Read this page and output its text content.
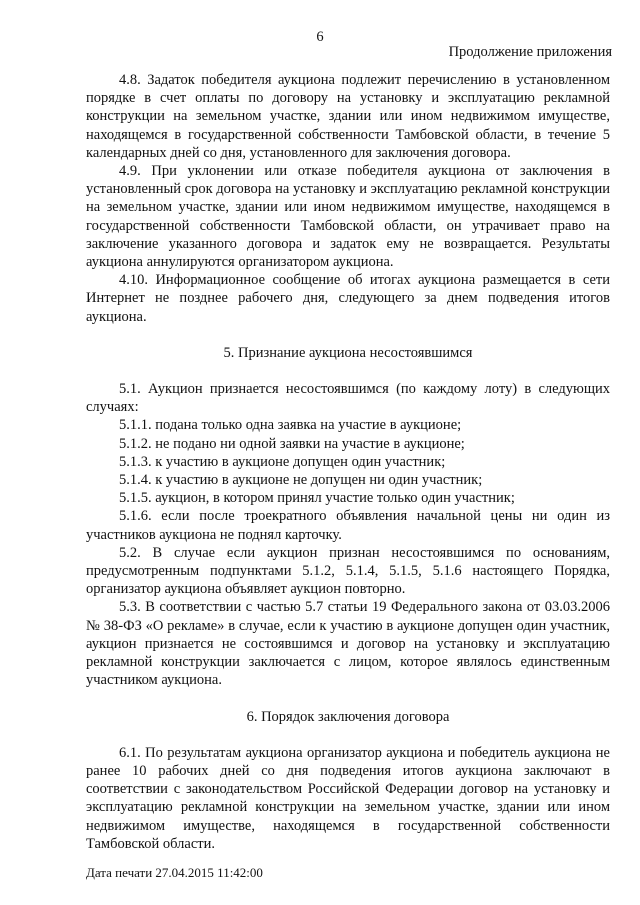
6
Продолжение приложения

4.8. Задаток победителя аукциона подлежит перечислению в установленном порядке в счет оплаты по договору на установку и эксплуатацию рекламной конструкции на земельном участке, здании или ином недвижимом имуществе, находящемся в государственной собственности Тамбовской области, в течение 5 календарных дней со дня, установленного для заключения договора.

4.9. При уклонении или отказе победителя аукциона от заключения в установленный срок договора на установку и эксплуатацию рекламной конструкции на земельном участке, здании или ином недвижимом имуществе, находящемся в государственной собственности Тамбовской области, он утрачивает право на заключение указанного договора и задаток ему не возвращается. Результаты аукциона аннулируются организатором аукциона.

4.10. Информационное сообщение об итогах аукциона размещается в сети Интернет не позднее рабочего дня, следующего за днем подведения итогов аукциона.

5. Признание аукциона несостоявшимся

5.1. Аукцион признается несостоявшимся (по каждому лоту) в следующих случаях:

5.1.1. подана только одна заявка на участие в аукционе;

5.1.2. не подано ни одной заявки на участие в аукционе;

5.1.3. к участию в аукционе допущен один участник;

5.1.4. к участию в аукционе не допущен ни один участник;

5.1.5. аукцион, в котором принял участие только один участник;

5.1.6. если после троекратного объявления начальной цены ни один из участников аукциона не поднял карточку.

5.2. В случае если аукцион признан несостоявшимся по основаниям, предусмотренным подпунктами 5.1.2, 5.1.4, 5.1.5, 5.1.6 настоящего Порядка, организатор аукциона объявляет аукцион повторно.

5.3. В соответствии с частью 5.7 статьи 19 Федерального закона от 03.03.2006 № 38-ФЗ «О рекламе» в случае, если к участию в аукционе допущен один участник, аукцион признается не состоявшимся и договор на установку и эксплуатацию рекламной конструкции заключается с лицом, которое являлось единственным участником аукциона.

6. Порядок заключения договора

6.1. По результатам аукциона организатор аукциона и победитель аукциона не ранее 10 рабочих дней со дня подведения итогов аукциона заключают в соответствии с законодательством Российской Федерации договор на установку и эксплуатацию рекламной конструкции на земельном участке, здании или ином недвижимом имуществе, находящемся в государственной собственности Тамбовской области.

Дата печати 27.04.2015 11:42:00
